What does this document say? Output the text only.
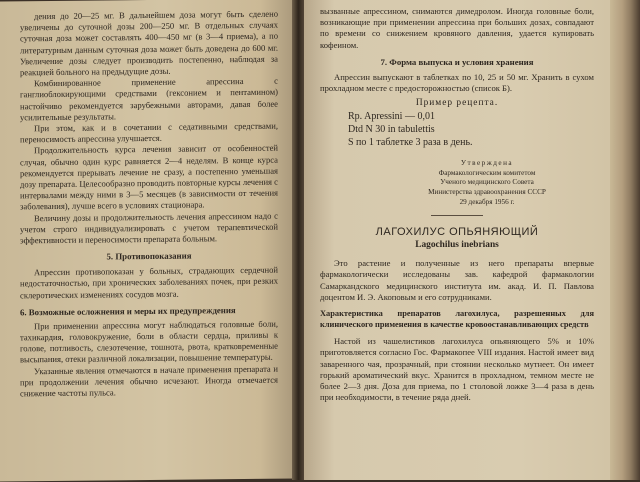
дения до 20—25 мг. В дальнейшем доза могут быть сделено увеличены до суточной дозы 200—250 мг. В отдельных случаях суточная доза может составлять 400—450 мг (в 3—4 приема), а по литературным данным суточная доза может быть доведена до 600 мг. Увеличение дозы следует производить постепенно, наблюдая за реакцией больного на предыдущие дозы.

Комбинированное применение апрессина с ганглиоблокирующими средствами (гексонием и пентамином) настойчиво рекомендуется зарубежными авторами, давая более усилительные результаты.

При этом, как и в сочетании с седативными средствами, переносимость апрессина улучшается.

Продолжительность курса лечения зависит от особенностей случая, обычно один курс равняется 2—4 неделям. В конце курса рекомендуется прерывать лечение не сразу, а постепенно уменьшая дозу препарата. Целесообразно проводить повторные курсы лечения с интервалами между ними в 3—5 месяцев (в зависимости от течения заболевания), лучше всего в условиях стационара.

Величину дозы и продолжительность лечения апрессином надо с учетом строго индивидуализировать с учетом терапевтической эффективности и переносимости препарата больным.

5. Противопоказания

Апрессин противопоказан у больных, страдающих сердечной недостаточностью, при хронических заболеваниях почек, при резких склеротических изменениях сосудов мозга.

6. Возможные осложнения и меры их предупреждения

При применении апрессина могут наблюдаться головные боли, тахикардия, головокружение, боли в области сердца, приливы к голове, потливость, слезотечение, тошнота, рвота, кратковременные высыпания, отеки различной локализации, повышение температуры.

Указанные явления отмечаются в начале применения препарата и при продолжении лечения обычно исчезают. Иногда отмечается снижение частоты пульса.

вызванные апрессином, снимаются димедролом. Иногда головные боли, возникающие при применении апрессина при больших дозах, совпадают по времени со снижением кровяного давления, удается купировать кофеином.

7. Форма выпуска и условия хранения

Апрессин выпускают в таблетках по 10, 25 и 50 мг. Хранить в сухом прохладном месте с предосторожностью (список Б).

Пример рецепта.
Rp. Apressini — 0,01
Dtd N 30 in tabulettis
S по 1 таблетке 3 раза в день.
Утверждена
Фармакологическим комитетом
Ученого медицинского Совета
Министерства здравоохранения СССР
29 декабря 1956 г.
ЛАГОХИЛУС ОПЬЯНЯЮЩИЙ
Lagochilus inebrians

Это растение и полученные из него препараты впервые фармакологически исследованы зав. кафедрой фармакологии Самаркандского медицинского института им. акад. И. П. Павлова доцентом И. Э. Акоповым и его сотрудниками.

Характеристика препаратов лагохилуса, разрешенных для клинического применения в качестве кровоостанавливающих средств

Настой из чашелистиков лагохилуса опьяняющего 5% и 10% приготовляется согласно Гос. Фармакопее VIII издания. Настой имеет вид заваренного чая, прозрачный, при стоянии несколько мутнеет. Он имеет горький ароматический вкус. Хранится в прохладном, темном месте не более 2—3 дня. Доза для приема, по 1 столовой ложке 3—4 раза в день при необходимости, в течение ряда дней.
